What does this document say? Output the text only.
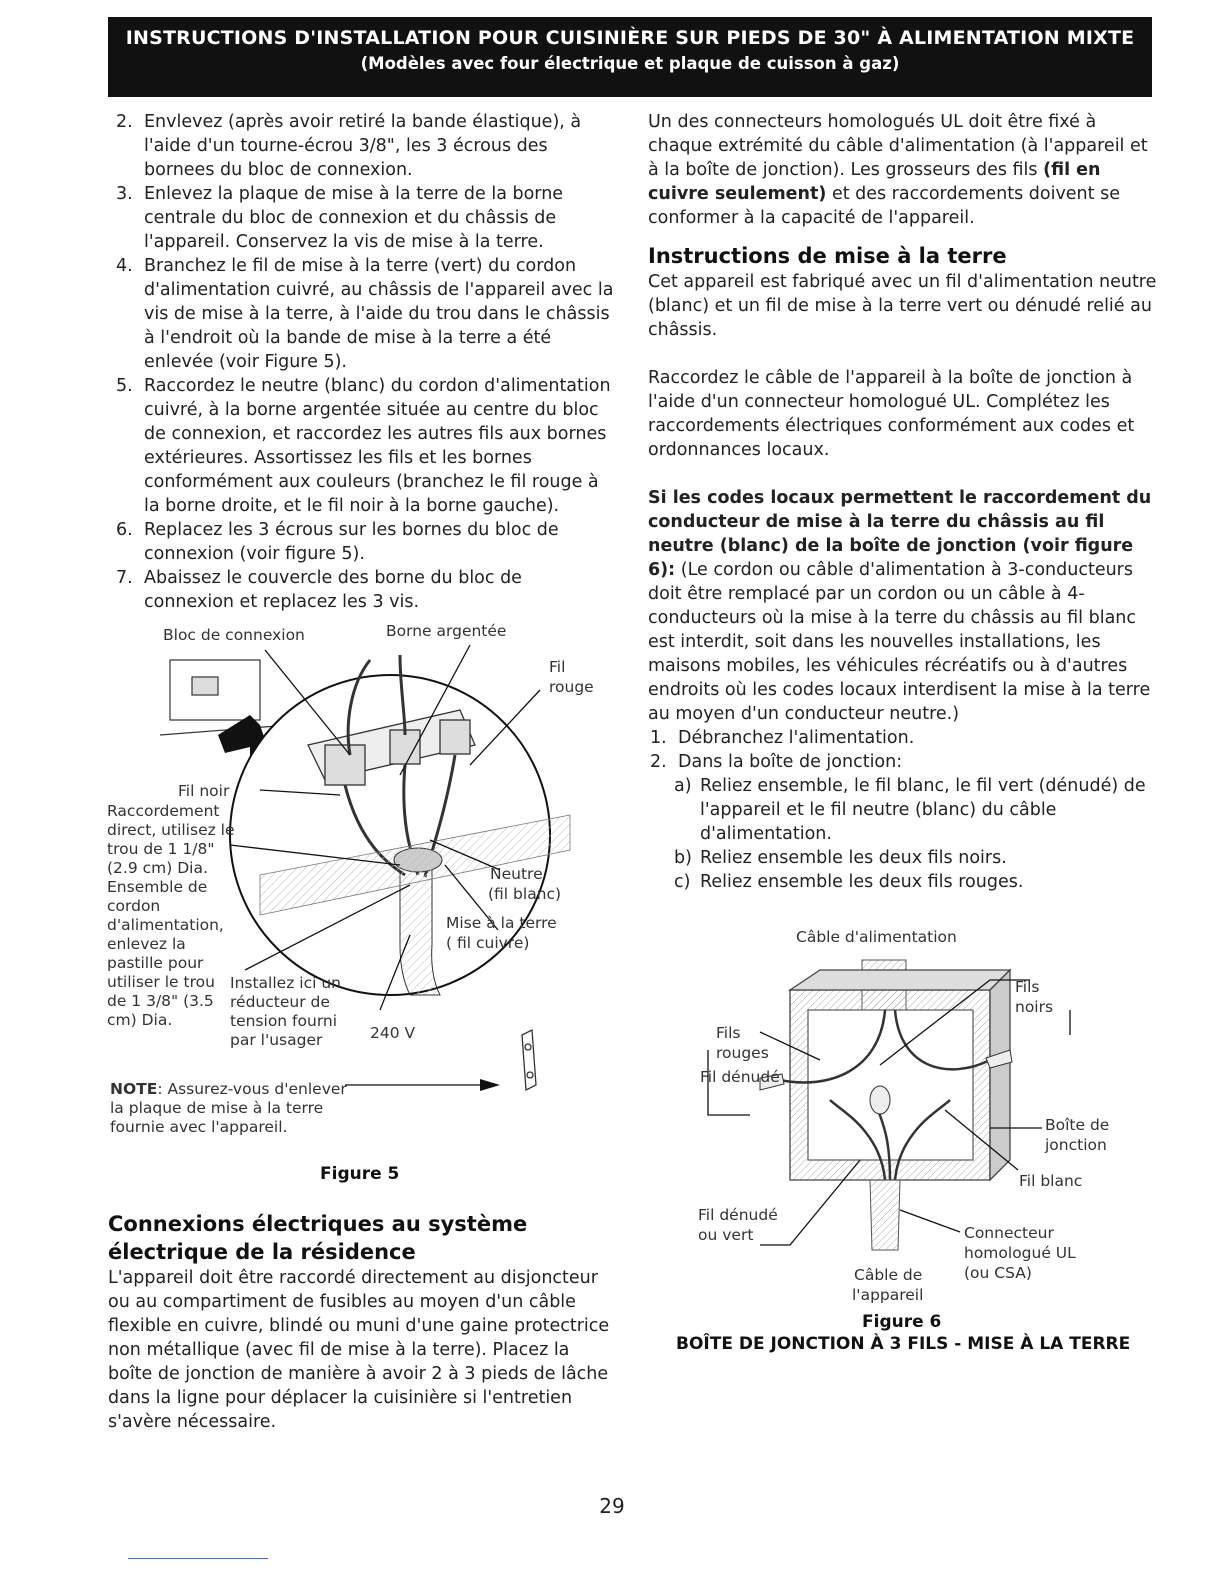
INSTRUCTIONS D'INSTALLATION POUR CUISINIÈRE SUR PIEDS DE 30" À ALIMENTATION MIXTE
(Modèles avec four électrique et plaque de cuisson à gaz)
2. Envlevez (après avoir retiré la bande élastique), à l'aide d'un tourne-écrou 3/8", les 3 écrous des bornees du bloc de connexion.
3. Enlevez la plaque de mise à la terre de la borne centrale du bloc de connexion et du châssis de l'appareil. Conservez la vis de mise à la terre.
4. Branchez le fil de mise à la terre (vert) du cordon d'alimentation cuivré, au châssis de l'appareil avec la vis de mise à la terre, à l'aide du trou dans le châssis à l'endroit où la bande de mise à la terre a été enlevée (voir Figure 5).
5. Raccordez le neutre (blanc) du cordon d'alimentation cuivré, à la borne argentée située au centre du bloc de connexion, et raccordez les autres fils aux bornes extérieures. Assortissez les fils et les bornes conformément aux couleurs (branchez le fil rouge à la borne droite, et le fil noir à la borne gauche).
6. Replacez les 3 écrous sur les bornes du bloc de connexion (voir figure 5).
7. Abaissez le couvercle des borne du bloc de connexion et replacez les 3 vis.
Bloc de connexion	Borne argentée
Fil
rouge
Fil noir
Raccordement direct, utilisez le trou de 1 1/8" (2.9 cm) Dia. Ensemble de cordon d'alimentation, enlevez la pastille pour utiliser le trou de 1 3/8" (3.5 cm) Dia.
Installez ici un réducteur de tension fourni par l'usager
Neutre
(fil blanc)
Mise à la terre
( fil cuivre)
240 V
NOTE: Assurez-vous d'enlever la plaque de mise à la terre fournie avec l'appareil.
Figure 5
Connexions électriques au système électrique de la résidence

L'appareil doit être raccordé directement au disjoncteur ou au compartiment de fusibles au moyen d'un câble flexible en cuivre, blindé ou muni d'une gaine protectrice non métallique (avec fil de mise à la terre). Placez la boîte de jonction de manière à avoir 2 à 3 pieds de lâche dans la ligne pour déplacer la cuisinière si l'entretien s'avère nécessaire.

Un des connecteurs homologués UL doit être fixé à chaque extrémité du câble d'alimentation (à l'appareil et à la boîte de jonction). Les grosseurs des fils (fil en cuivre seulement) et des raccordements doivent se conformer à la capacité de l'appareil.

Instructions de mise à la terre

Cet appareil est fabriqué avec un fil d'alimentation neutre (blanc) et un fil de mise à la terre vert ou dénudé relié au châssis.

Raccordez le câble de l'appareil à la boîte de jonction à l'aide d'un connecteur homologué UL. Complétez les raccordements électriques conformément aux codes et ordonnances locaux.

Si les codes locaux permettent le raccordement du conducteur de mise à la terre du châssis au fil neutre (blanc) de la boîte de jonction (voir figure 6): (Le cordon ou câble d'alimentation à 3-conducteurs doit être remplacé par un cordon ou un câble à 4-conducteurs où la mise à la terre du châssis au fil blanc est interdit, soit dans les nouvelles installations, les maisons mobiles, les véhicules récréatifs ou à d'autres endroits où les codes locaux interdisent la mise à la terre au moyen d'un conducteur neutre.)

1. Débranchez l'alimentation.
2. Dans la boîte de jonction:
a) Reliez ensemble, le fil blanc, le fil vert (dénudé) de l'appareil et le fil neutre (blanc) du câble d'alimentation.
b) Reliez ensemble les deux fils noirs.
c) Reliez ensemble les deux fils rouges.
Câble d'alimentation
Fils
noirs
Fils
rouges
Fil dénudé
Boîte de
jonction
Fil blanc
Fil dénudé
ou vert	Connecteur
homologué UL
(ou CSA)
Câble de
l'appareil
Figure 6
BOÎTE DE JONCTION À 3 FILS - MISE À LA TERRE
29
